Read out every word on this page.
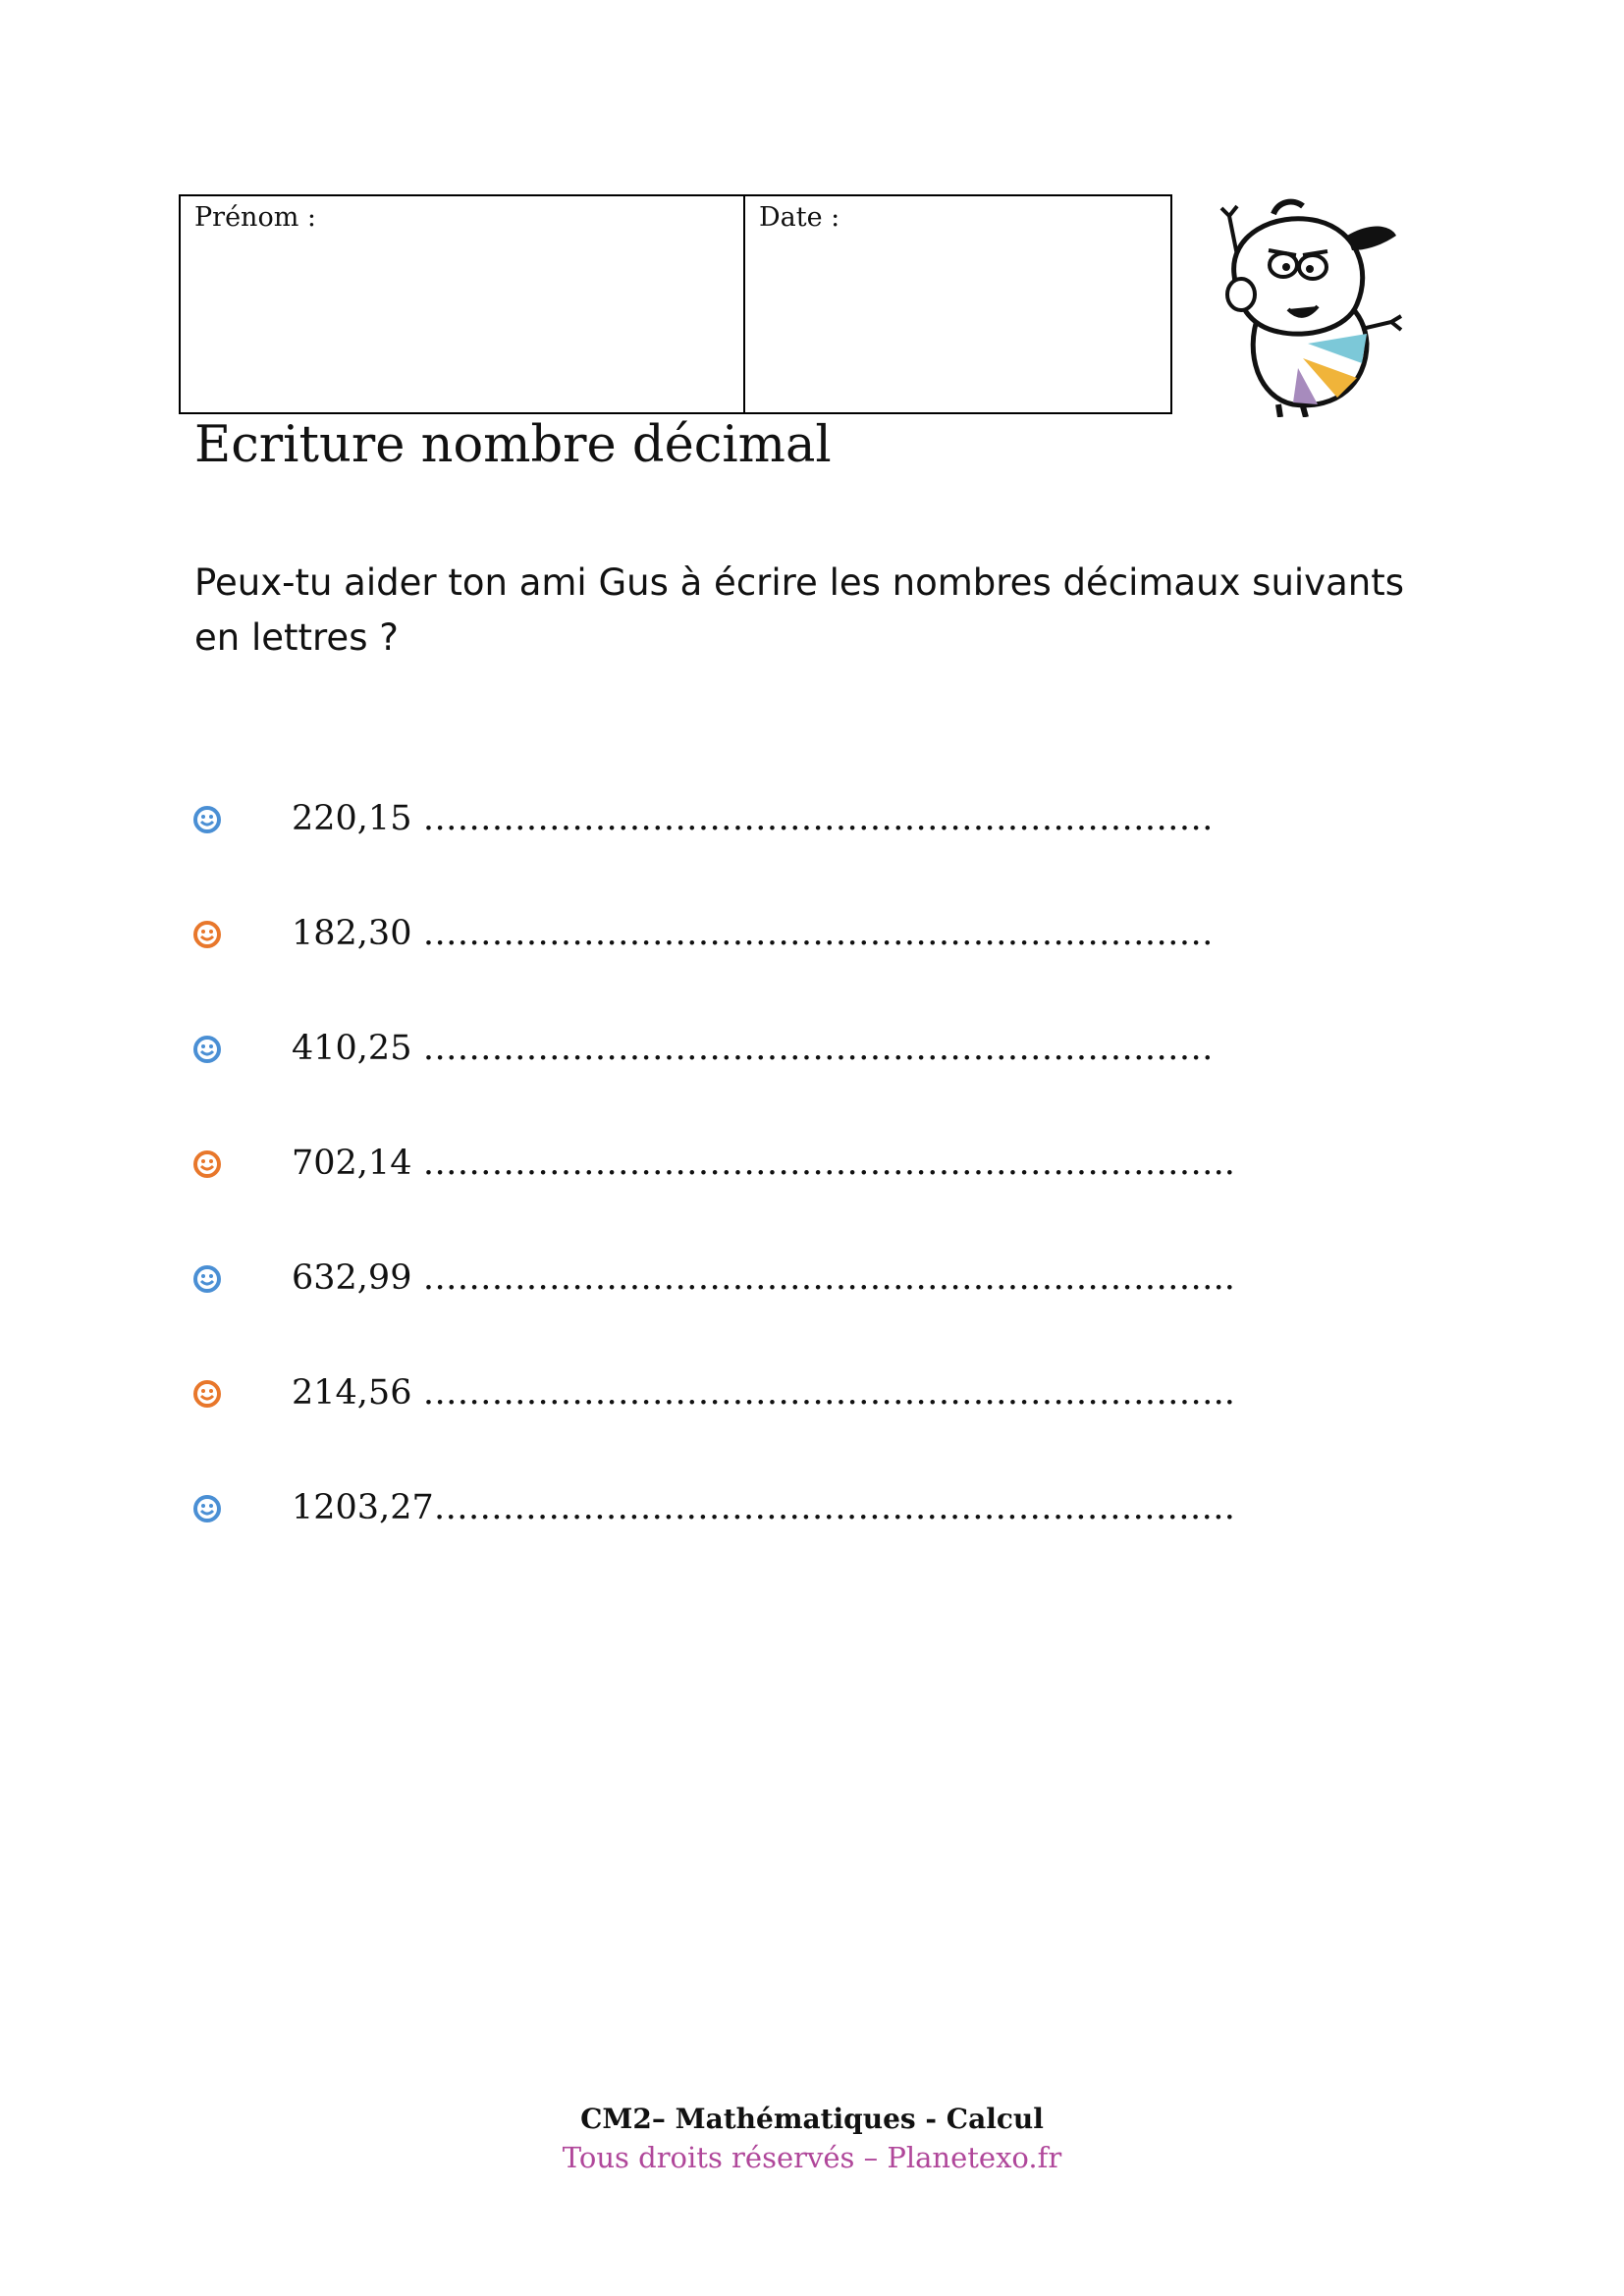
Prénom :	Date :
Ecriture nombre décimal
Peux-tu aider ton ami Gus à écrire les nombres décimaux suivants en lettres ?
220,15 ……………………………………………………………
182,30 ……………………………………………………………
410,25 ……………………………………………………………
702,14 ……………………………………………………………..
632,99 ……………………………………………………………..
214,56 ……………………………………………………………..
1203,27…………………………………………………………….
CM2– Mathématiques - Calcul
Tous droits réservés – Planetexo.fr
